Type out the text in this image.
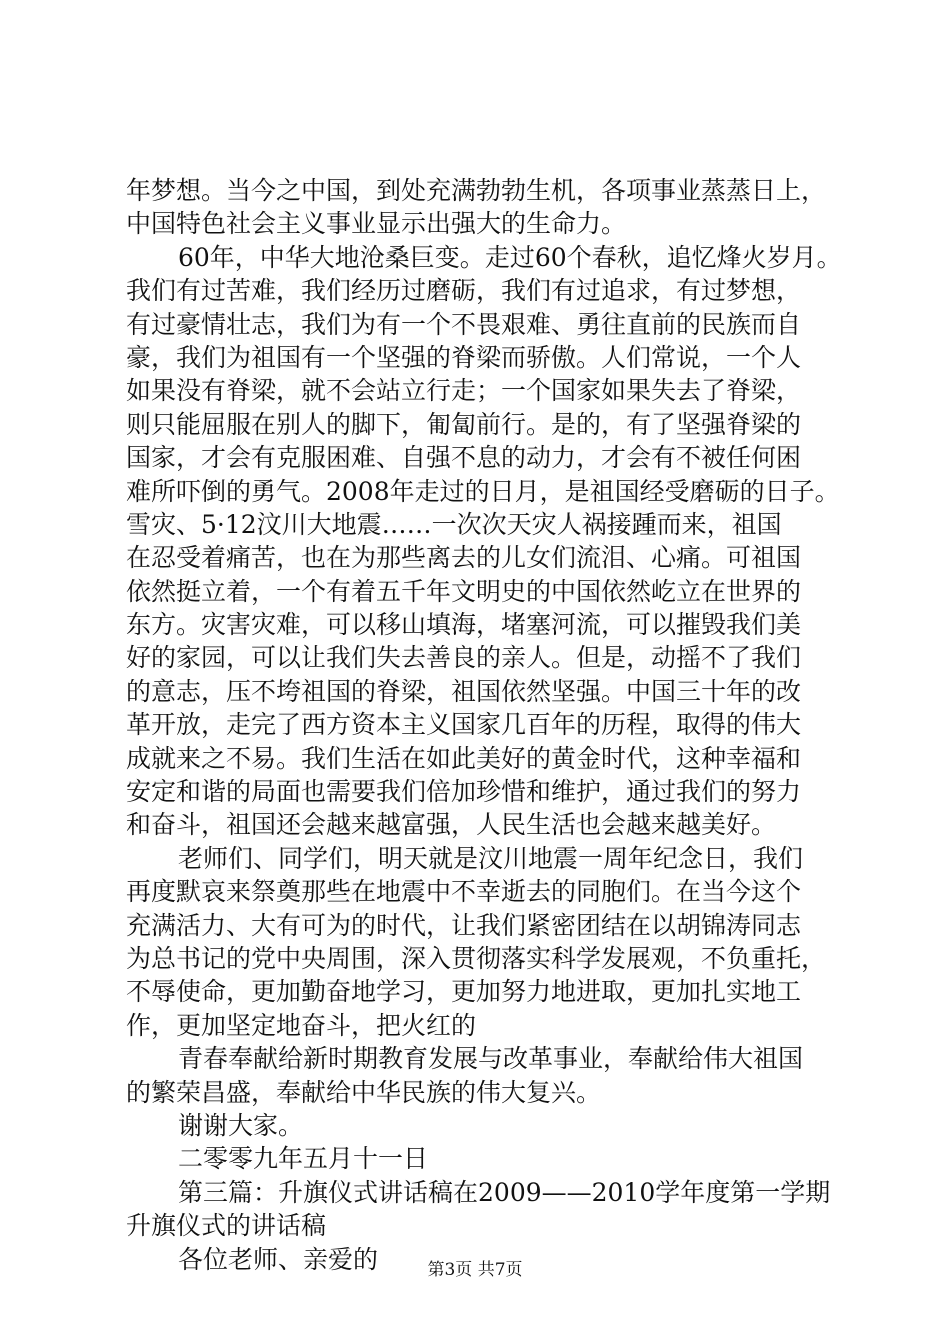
年梦想。当今之中国，到处充满勃勃生机，各项事业蒸蒸日上，
中国特色社会主义事业显示出强大的生命力。
60年，中华大地沧桑巨变。走过60个春秋，追忆烽火岁月。
我们有过苦难，我们经历过磨砺，我们有过追求，有过梦想，
有过豪情壮志，我们为有一个不畏艰难、勇往直前的民族而自
豪，我们为祖国有一个坚强的脊梁而骄傲。人们常说，一个人
如果没有脊梁，就不会站立行走；一个国家如果失去了脊梁，
则只能屈服在别人的脚下，匍匐前行。是的，有了坚强脊梁的
国家，才会有克服困难、自强不息的动力，才会有不被任何困
难所吓倒的勇气。2008年走过的日月，是祖国经受磨砺的日子。
雪灾、5·12汶川大地震……一次次天灾人祸接踵而来，祖国
在忍受着痛苦，也在为那些离去的儿女们流泪、心痛。可祖国
依然挺立着，一个有着五千年文明史的中国依然屹立在世界的
东方。灾害灾难，可以移山填海，堵塞河流，可以摧毁我们美
好的家园，可以让我们失去善良的亲人。但是，动摇不了我们
的意志，压不垮祖国的脊梁，祖国依然坚强。中国三十年的改
革开放，走完了西方资本主义国家几百年的历程，取得的伟大
成就来之不易。我们生活在如此美好的黄金时代，这种幸福和
安定和谐的局面也需要我们倍加珍惜和维护，通过我们的努力
和奋斗，祖国还会越来越富强，人民生活也会越来越美好。
老师们、同学们，明天就是汶川地震一周年纪念日，我们
再度默哀来祭奠那些在地震中不幸逝去的同胞们。在当今这个
充满活力、大有可为的时代，让我们紧密团结在以胡锦涛同志
为总书记的党中央周围，深入贯彻落实科学发展观，不负重托，
不辱使命，更加勤奋地学习，更加努力地进取，更加扎实地工
作，更加坚定地奋斗，把火红的
青春奉献给新时期教育发展与改革事业，奉献给伟大祖国
的繁荣昌盛，奉献给中华民族的伟大复兴。
谢谢大家。
二零零九年五月十一日
第三篇：升旗仪式讲话稿在2009——2010学年度第一学期
升旗仪式的讲话稿
各位老师、亲爱的	第3页 共7页
